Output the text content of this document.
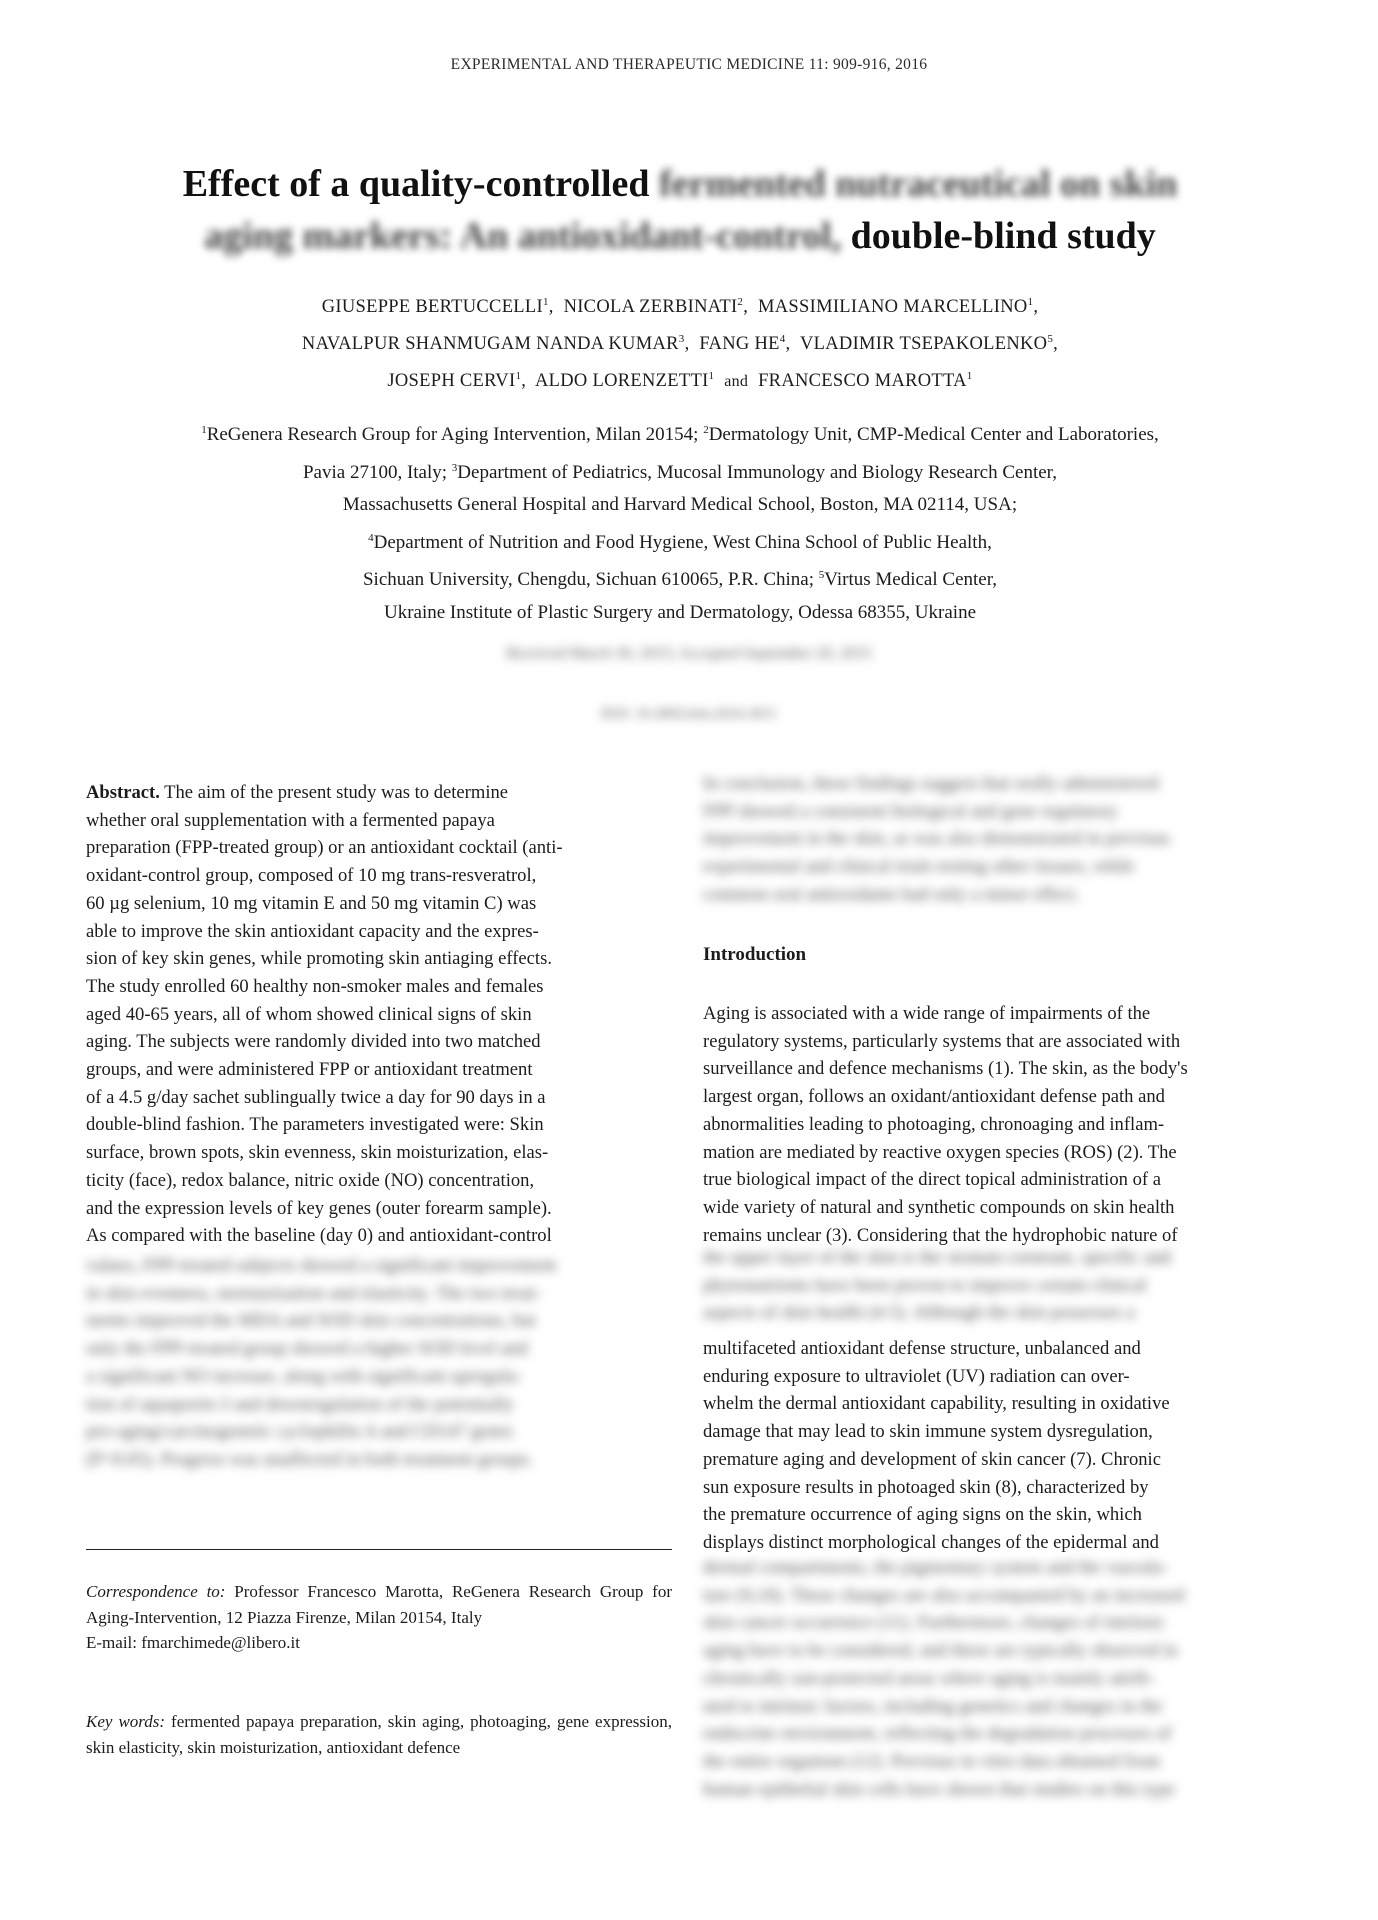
EXPERIMENTAL AND THERAPEUTIC MEDICINE 11: 909-916, 2016
Effect of a quality-controlled fermented nutraceutical on skin
aging markers: An antioxidant-control, double-blind study
GIUSEPPE BERTUCCELLI$^1$,  NICOLA ZERBINATI$^2$,  MASSIMILIANO MARCELLINO$^1$,
NAVALPUR SHANMUGAM NANDA KUMAR$^3$,  FANG $HE^4$,  VLADIMIR TSEPAKOLENKO$^5$,
JOSEPH CERVI$^1$,  ALDO LORENZETTI$^1$ and FRANCESCO MAROTTA$^1$
$^1$ReGenera Research Group for Aging Intervention, Milan 20154; $^2$Dermatology Unit, CMP-Medical Center and Laboratories,
Pavia 27100, Italy; $^3$Department of Pediatrics, Mucosal Immunology and Biology Research Center,
Massachusetts General Hospital and Harvard Medical School, Boston, MA 02114, USA;
$^4$Department of Nutrition and Food Hygiene, West China School of Public Health,
Sichuan University, Chengdu, Sichuan 610065, P.R. China; $^5$Virtus Medical Center,
Ukraine Institute of Plastic Surgery and Dermatology, Odessa 68355, Ukraine
Received March 30, 2015; Accepted September 29, 2015
DOI: 10.3892/etm.2016.3011
Abstract. The aim of the present study was to determine
whether oral supplementation with a fermented papaya
preparation (FPP-treated group) or an antioxidant cocktail (anti-
oxidant-control group, composed of 10 mg trans-resveratrol,
60 µg selenium, 10 mg vitamin E and 50 mg vitamin C) was
able to improve the skin antioxidant capacity and the expres-
sion of key skin genes, while promoting skin antiaging effects.
The study enrolled 60 healthy non-smoker males and females
aged 40-65 years, all of whom showed clinical signs of skin
aging. The subjects were randomly divided into two matched
groups, and were administered FPP or antioxidant treatment
of a 4.5 g/day sachet sublingually twice a day for 90 days in a
double-blind fashion. The parameters investigated were: Skin
surface, brown spots, skin evenness, skin moisturization, elas-
ticity (face), redox balance, nitric oxide (NO) concentration,
and the expression levels of key genes (outer forearm sample).
As compared with the baseline (day 0) and antioxidant-control
values, FPP-treated subjects showed a significant improvement
in skin evenness, moisturization and elasticity. The two treat-
ments improved the MDA and SOD skin concentrations, but
only the FPP-treated group showed a higher SOD level and
a significant NO increase, along with significant upregula-
tion of aquaporin-3 and downregulation of the potentially
pro-aging/carcinogenetic cyclophilin A and CD147 genes
(P<0.05). Progress was unaffected in both treatment groups.
Correspondence to: Professor Francesco Marotta, ReGenera Research Group for Aging-Intervention, 12 Piazza Firenze, Milan 20154, Italy
E-mail: fmarchimede@libero.it
Key words: fermented papaya preparation, skin aging, photoaging, gene expression, skin elasticity, skin moisturization, antioxidant defence
In conclusion, these findings suggest that orally administered
FPP showed a consistent biological and gene regulatory
improvement in the skin, as was also demonstrated in previous
experimental and clinical trials testing other tissues, while
common oral antioxidants had only a minor effect.
Introduction
Aging is associated with a wide range of impairments of the
regulatory systems, particularly systems that are associated with
surveillance and defence mechanisms (1). The skin, as the body's
largest organ, follows an oxidant/antioxidant defense path and
abnormalities leading to photoaging, chronoaging and inflam-
mation are mediated by reactive oxygen species (ROS) (2). The
true biological impact of the direct topical administration of a
wide variety of natural and synthetic compounds on skin health
remains unclear (3). Considering that the hydrophobic nature of
the upper layer of the skin is the stratum corneum, specific and
phytonutrients have been proven to improve certain clinical
aspects of skin health (4-5). Although the skin possesses a
multifaceted antioxidant defense structure, unbalanced and
enduring exposure to ultraviolet (UV) radiation can over-
whelm the dermal antioxidant capability, resulting in oxidative
damage that may lead to skin immune system dysregulation,
premature aging and development of skin cancer (7). Chronic
sun exposure results in photoaged skin (8), characterized by
the premature occurrence of aging signs on the skin, which
displays distinct morphological changes of the epidermal and
dermal compartments, the pigmentary system and the vascula-
ture (9,10). These changes are also accompanied by an increased
skin cancer occurrence (11). Furthermore, changes of intrinsic
aging have to be considered, and these are typically observed in
chronically sun-protected areas where aging is mainly attrib-
uted to intrinsic factors, including genetics and changes in the
endocrine environment, reflecting the degradation processes of
the entire organism (12). Previous in vitro data obtained from
human epithelial skin cells have shown that studies on this type
